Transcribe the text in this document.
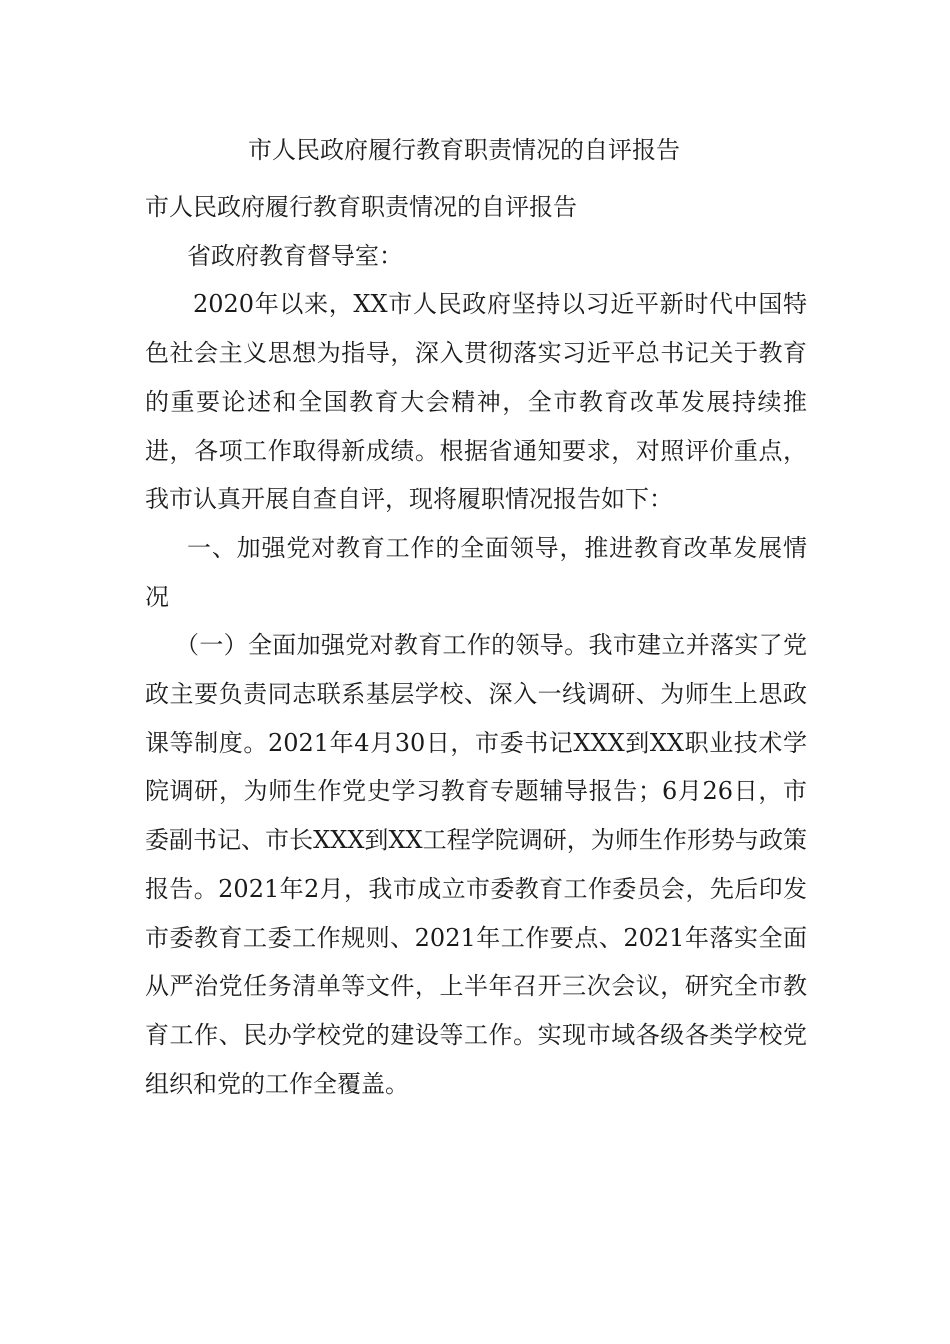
市人民政府履行教育职责情况的自评报告

市人民政府履行教育职责情况的自评报告

省政府教育督导室：

2020年以来，XX市人民政府坚持以习近平新时代中国特色社会主义思想为指导，深入贯彻落实习近平总书记关于教育的重要论述和全国教育大会精神，全市教育改革发展持续推进，各项工作取得新成绩。根据省通知要求，对照评价重点，我市认真开展自查自评，现将履职情况报告如下：

一、加强党对教育工作的全面领导，推进教育改革发展情况

（一）全面加强党对教育工作的领导。我市建立并落实了党政主要负责同志联系基层学校、深入一线调研、为师生上思政课等制度。2021年4月30日，市委书记XXX到XX职业技术学院调研，为师生作党史学习教育专题辅导报告；6月26日，市委副书记、市长XXX到XX工程学院调研，为师生作形势与政策报告。2021年2月，我市成立市委教育工作委员会，先后印发市委教育工委工作规则、2021年工作要点、2021年落实全面从严治党任务清单等文件，上半年召开三次会议，研究全市教育工作、民办学校党的建设等工作。实现市域各级各类学校党组织和党的工作全覆盖。
